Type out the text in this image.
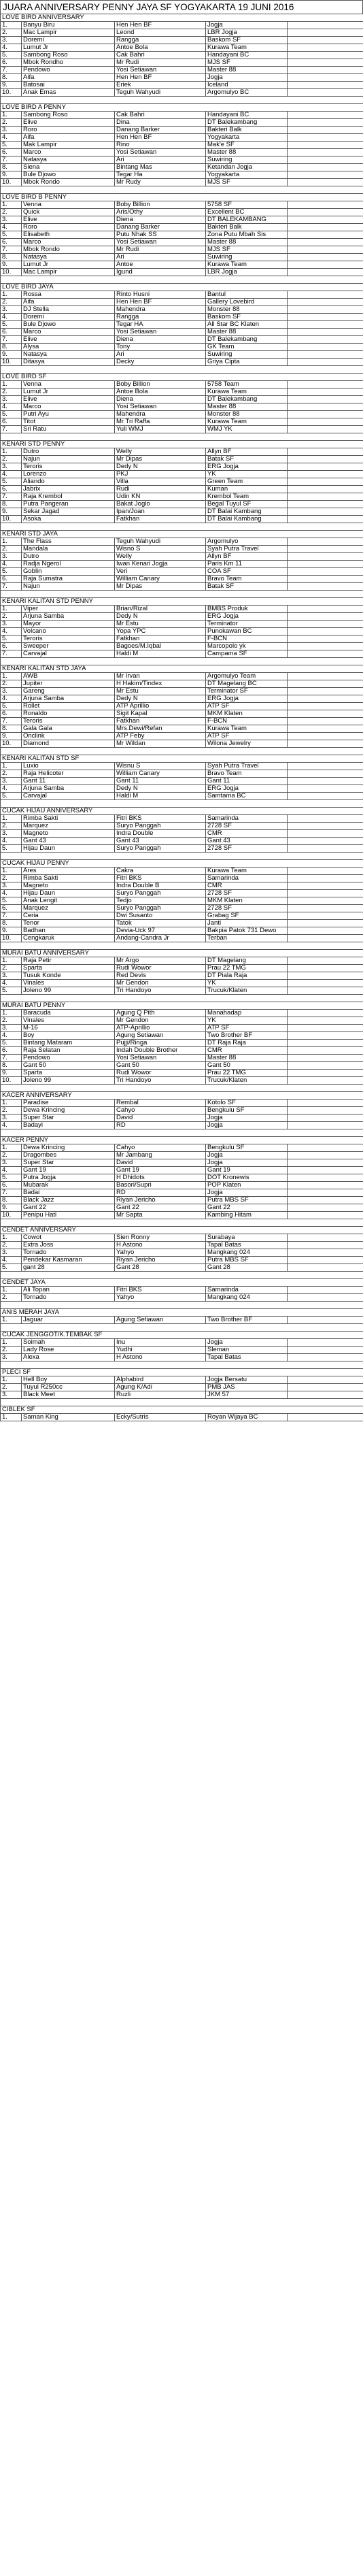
JUARA ANNIVERSARY PENNY JAYA SF YOGYAKARTA 19 JUNI 2016
LOVE BIRD ANNIVERSARY				
1.	Banyu Biru	Hen Hen BF	Jogja	
2.	Mac Lampir	Leond	LBR Jogja	
3.	Doremi	Rangga	Baskom SF	
4.	Lumut Jr	Antoe Bola	Kurawa Team	
5.	Sambong Roso	Cak Bahri	Handayani BC	
6.	Mbok Rondho	Mr Rudi	MJS SF	
7.	Pendowo	Yosi Setiawan	Master 88	
8.	Aifa	Hen Hen BF	Jogja	
9.	Batosai	Eriek	Iceland	
10.	Anak Emas	Teguh Wahyudi	Argomulyo BC	

LOVE BIRD A PENNY				
1.	Sambong Roso	Cak Bahri	Handayani BC	
2.	Elive	Dina	DT Balekambang	
3.	Roro	Danang Barker	Bakteri Balk	
4.	Aifa	Hen Hen BF	Yogyakarta	
5.	Mak Lampir	Rino	Mak'e SF	
6.	Marco	Yosi Setiawan	Master 88	
7.	Natasya	Ari	Suwiring	
8.	Siena	Bintang Mas	Ketandan Jogja	
9.	Bule Djowo	Tegar Ha	Yogyakarta	
10.	Mbok Rondo	Mr Rudy	MJS SF	

LOVE BIRD B PENNY				
1.	Venna	Boby Billion	5758 SF	
2.	Quick	Aris/Othy	Excellent BC	
3.	Elive	Diena	DT BALEKAMBANG	
4.	Roro	Danang Barker	Bakteri Balk	
5.	Elisabeth	Putu Nhak SS	Zona Putu Mbah Sis	
6.	Marco	Yosi Setiawan	Master 88	
7.	Mbok Rondo	Mr Rudi	MJS SF	
8.	Natasya	Ari	Suwiring	
9.	Lumut Jr	Antoe	Kurawa Team	
10.	Mac Lampir	Igund	LBR Jogja	

LOVE BIRD JAYA				
1.	Rossa	Rinto Husni	Bantul	
2.	Aifa	Hen Hen BF	Gallery Lovebird	
3.	DJ Stella	Mahendra	Monster 88	
4.	Doremi	Rangga	Baskom SF	
5.	Bule Djowo	Tegar HA	All Star BC Klaten	
6.	Marco	Yosi Setiawan	Master 88	
7.	Elive	Diena	DT Balekambang	
8.	Alysa	Tony	GK Team	
9.	Natasya	Ari	Suwiring	
10.	Ditasya	Decky	Griya Cipta	

LOVE BIRD SF				
1.	Venna	Boby Billion	5758 Team	
2.	Lumut Jr	Antoe Bola	Kurawa Team	
3.	Elive	Diena	DT Balekambang	
4.	Marco	Yosi Setiawan	Master 88	
5.	Putri Ayu	Mahendra	Monster 88	
6.	Titot	Mr Tri Raffa	Kurawa Team	
7.	Sri Ratu	Yuli WMJ	WMJ YK	

KENARI STD PENNY				
1.	Dutro	Welly	Allyn BF	
2.	Najun	Mr Dipas	Batak SF	
3.	Teroris	Dedy N	ERG Jogja	
4.	Lorenzo	PKJ	YK	
5.	Aliando	Villa	Green Team	
6.	Jabrix	Rudi	Kuman	
7.	Raja Krembol	Udin KN	Krembol Team	
8.	Putra Pangeran	Bakat Joglo	Begal Tuyul SF	
9.	Sekar Jagad	Ipan/Joan	DT Balai Kambang	
10.	Asoka	Fatkhan	DT Balai Kambang	

KENARI STD JAYA				
1.	The Flass	Teguh Wahyudi	Argomulyo	
2.	Mandala	Wisno S	Syah Putra Travel	
3.	Dutro	Welly	Allyn BF	
4.	Radja Ngerol	Iwan Kenari Jogja	Paris Km 11	
5.	Goblin	Veri	COA SF	
6.	Raja Sumatra	William Canary	Bravo Team	
7.	Najun	Mr Dipas	Batak SF	

KENARI KALITAN STD PENNY				
1.	Viper	Brian/Rizal	BMBS Produk	
2.	Arjuna Samba	Dedy N	ERG Jogja	
3.	Mayor	Mr Estu	Terminator	
4.	Volcano	Yopa YPC	Punokawan BC	
5.	Teroris	Fatkhan	F-BCN	
6.	Sweeper	Bagoes/M.Iqbal	Marcopolo yk	
7.	Carvajal	Haldi M	Campama SF	

KENARI KALITAN STD JAYA				
1.	AWB	Mr Irvan	Argomulyo Team	
2.	Jupiter	H Hakim/Tindex	DT Magelang BC	
3.	Gareng	Mr Estu	Terminator SF	
4.	Arjuna Samba	Dedy N	ERG Jogja	
5.	Rollet	ATP Aprillio	ATP SF	
6.	Ronaldo	Sigit Kapal	MKM Klaten	
7.	Teroris	Fatkhan	F-BCN	
8.	Gala Gala	Mrs.Dewi/Refan	Kurawa Team	
9.	Onclink	ATP Feby	ATP SF	
10.	Diamond	Mr Wildan	Wilona Jewelry	

KENARI KALITAN STD SF				
1.	Luxio	Wisnu S	Syah Putra Travel	
2.	Raja Helicoter	William Canary	Bravo Team	
3.	Gant 11	Gant 11	Gant 11	
4.	Arjuna Samba	Dedy N	ERG Jogja	
5.	Carvajal	Haldi M	Samtama BC	

CUCAK HIJAU ANNIVERSARY				
1.	Rimba Sakti	Fitri BKS	Samarinda	
2.	Marquez	Suryo Panggah	2728 SF	
3.	Magneto	Indra Double	CMR	
4.	Gant 43	Gant 43	Gant 43	
5.	Hijau Daun	Suryo Panggah	2728 SF	

CUCAK HIJAU PENNY				
1.	Ares	Cakra	Kurawa Team	
2.	Rimba Sakti	Fitri BKS	Samarinda	
3.	Magneto	Indra Double B	CMR	
4.	Hijau Daun	Suryo Panggah	2728 SF	
5.	Anak Lengit	Tedjo	MKM Klaten	
6.	Marquez	Suryo Panggah	2728 SF	
7.	Ceria	Dwi Susanto	Grabag SF	
8.	Tenor	Tatok	Janti	
9.	Badhan	Devia-Uck 97	Bakpia Patok 731 Dewo	
10.	Cengkaruk	Andang-Candra Jr	Terban	

MURAI BATU ANNIVERSARY				
1.	Raja Petir	Mr Argo	DT Magelang	
2.	Sparta	Rudi Wowor	Prau 22 TMG	
3.	Tusuk Konde	Red Devis	DT Piala Raja	
4.	Vinales	Mr Gendon	YK	
5.	Joleno 99	Tri Handoyo	Trucuk/Klaten	

MURAI BATU PENNY				
1.	Baracuda	Agung Q Pith	Manahadap	
2.	Vinales	Mr Gendon	YK	
3.	M-16	ATP-Aprillio	ATP SF	
4.	Boy	Agung Setiawan	Two Brother BF	
5.	Bintang Mataram	Pujji/Ringa	DT Raja Raja	
6.	Raja Selatan	Indah Double Brother	CMR	
7.	Pendowo	Yosi Setiawan	Master 88	
8.	Gant 50	Gant 50	Gant 50	
9.	Sparta	Rudi Wowor	Prau 22 TMG	
10.	Joleno 99	Tri Handoyo	Trucuk/Klaten	

KACER ANNIVERSARY				
1.	Paradise	Rembal	Kotolo SF	
2.	Dewa Krincing	Cahyo	Bengkulu SF	
3.	Super Star	David	Jogja	
4.	Badayi	RD	Jogja	

KACER PENNY				
1.	Dewa Krincing	Cahyo	Bengkulu SF	
2.	Dragombes	Mr Jambang	Jogja	
3.	Super Star	David	Jogja	
4.	Gant 19	Gant 19	Gant 19	
5.	Putra Jogja	H Dhidots	DOT Kronewis	
6.	Mubarak	Basori/Supri	POP Klaten	
7.	Badai	RD	Jogja	
8.	Black Jazz	Riyan Jericho	Putra MBS SF	
9.	Gant 22	Gant 22	Gant 22	
10.	Penipu Hati	Mr Sapta	Kambing Hitam	

CENDET ANNIVERSARY				
1.	Cowot	Sien Ronny	Surabaya	
2.	Extra Joss	H Astono	Tapal Batas	
3.	Tornado	Yahyo	Mangkang 024	
4.	Pendekar Kasmaran	Riyan Jericho	Putra MBS SF	
5.	gant 28	Gant 28	Gant 28	

CENDET JAYA				
1.	Ali Topan	Fitri BKS	Samarinda	
2.	Tornado	Yahyo	Mangkang 024	

ANIS MERAH JAYA				
1.	Jaguar	Agung Setiawan	Two Brother BF	

CUCAK JENGGOT/K.TEMBAK SF				
1.	Soimah	Inu	Jogja	
2.	Lady Rose	Yudhi	Sleman	
3.	Alexa	H Astono	Tapal Batas	

PLECI SF				
1.	Hell Boy	Alphabird	Jogja Bersatu	
2.	Tuyul R250cc	Agung K/Adi	PMB JAS	
3.	Black Meet	Ruzli	JKM 57	

CIBLEK SF				
1.	Saman King	Ecky/Sutris	Royan Wijaya BC	
